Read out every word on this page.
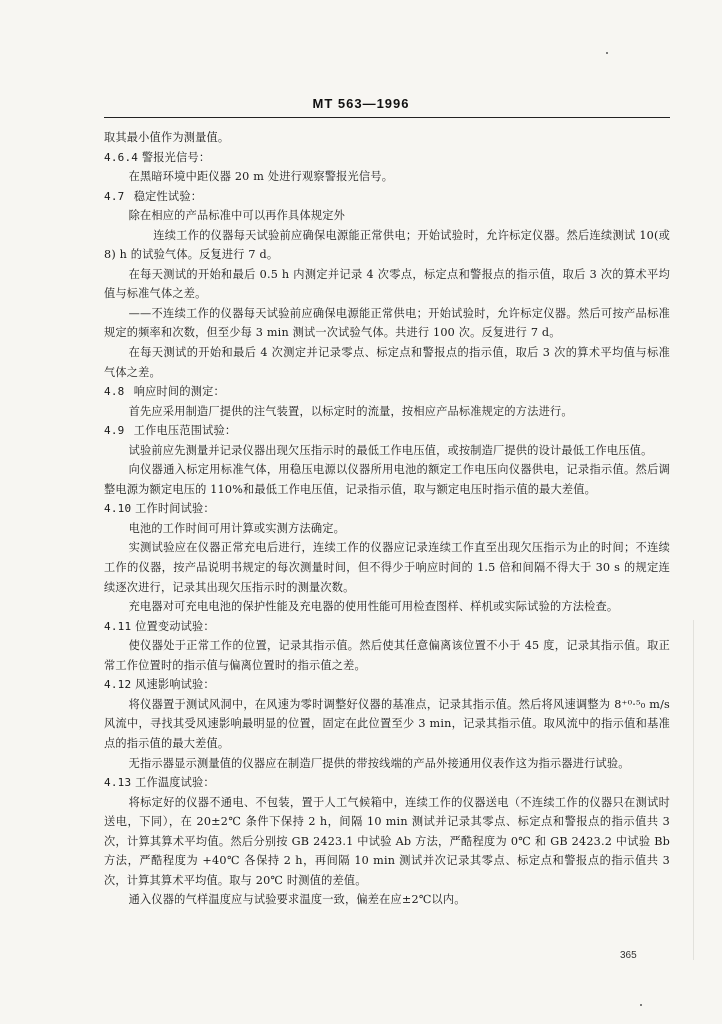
MT 563—1996

取其最小值作为测量值。

4.6.4 警报光信号：

在黑暗环境中距仪器 20 m 处进行观察警报光信号。

4.7 稳定性试验：

除在相应的产品标准中可以再作具体规定外

连续工作的仪器每天试验前应确保电源能正常供电；开始试验时，允许标定仪器。然后连续测试 10(或 8) h 的试验气体。反复进行 7 d。

在每天测试的开始和最后 0.5 h 内测定并记录 4 次零点，标定点和警报点的指示值，取后 3 次的算术平均值与标准气体之差。

——不连续工作的仪器每天试验前应确保电源能正常供电；开始试验时，允许标定仪器。然后可按产品标准规定的频率和次数，但至少每 3 min 测试一次试验气体。共进行 100 次。反复进行 7 d。

在每天测试的开始和最后 4 次测定并记录零点、标定点和警报点的指示值，取后 3 次的算术平均值与标准气体之差。

4.8 响应时间的测定：

首先应采用制造厂提供的注气装置，以标定时的流量，按相应产品标准规定的方法进行。

4.9 工作电压范围试验：

试验前应先测量并记录仪器出现欠压指示时的最低工作电压值，或按制造厂提供的设计最低工作电压值。

向仪器通入标定用标准气体，用稳压电源以仪器所用电池的额定工作电压向仪器供电，记录指示值。然后调整电源为额定电压的 110%和最低工作电压值，记录指示值，取与额定电压时指示值的最大差值。

4.10 工作时间试验：

电池的工作时间可用计算或实测方法确定。

实测试验应在仪器正常充电后进行，连续工作的仪器应记录连续工作直至出现欠压指示为止的时间；不连续工作的仪器，按产品说明书规定的每次测量时间，但不得少于响应时间的 1.5 倍和间隔不得大于 30 s 的规定连续逐次进行，记录其出现欠压指示时的测量次数。

充电器对可充电电池的保护性能及充电器的使用性能可用检查图样、样机或实际试验的方法检查。

4.11 位置变动试验：

使仪器处于正常工作的位置，记录其指示值。然后使其任意偏离该位置不小于 45 度，记录其指示值。取正常工作位置时的指示值与偏离位置时的指示值之差。

4.12 风速影响试验：

将仪器置于测试风洞中，在风速为零时调整好仪器的基准点，记录其指示值。然后将风速调整为 8⁺⁰·⁵₀ m/s 风流中，寻找其受风速影响最明显的位置，固定在此位置至少 3 min，记录其指示值。取风流中的指示值和基准点的指示值的最大差值。

无指示器显示测量值的仪器应在制造厂提供的带按线端的产品外接通用仪表作这为指示器进行试验。

4.13 工作温度试验：

将标定好的仪器不通电、不包装，置于人工气候箱中，连续工作的仪器送电（不连续工作的仪器只在测试时送电，下同），在 20±2℃ 条件下保持 2 h，间隔 10 min 测试并记录其零点、标定点和警报点的指示值共 3 次，计算其算术平均值。然后分别按 GB 2423.1 中试验 Ab 方法，严酷程度为 0℃ 和 GB 2423.2 中试验 Bb 方法，严酷程度为 +40℃ 各保持 2 h，再间隔 10 min 测试并次记录其零点、标定点和警报点的指示值共 3 次，计算其算术平均值。取与 20℃ 时测值的差值。

通入仪器的气样温度应与试验要求温度一致，偏差在应±2℃以内。

365
